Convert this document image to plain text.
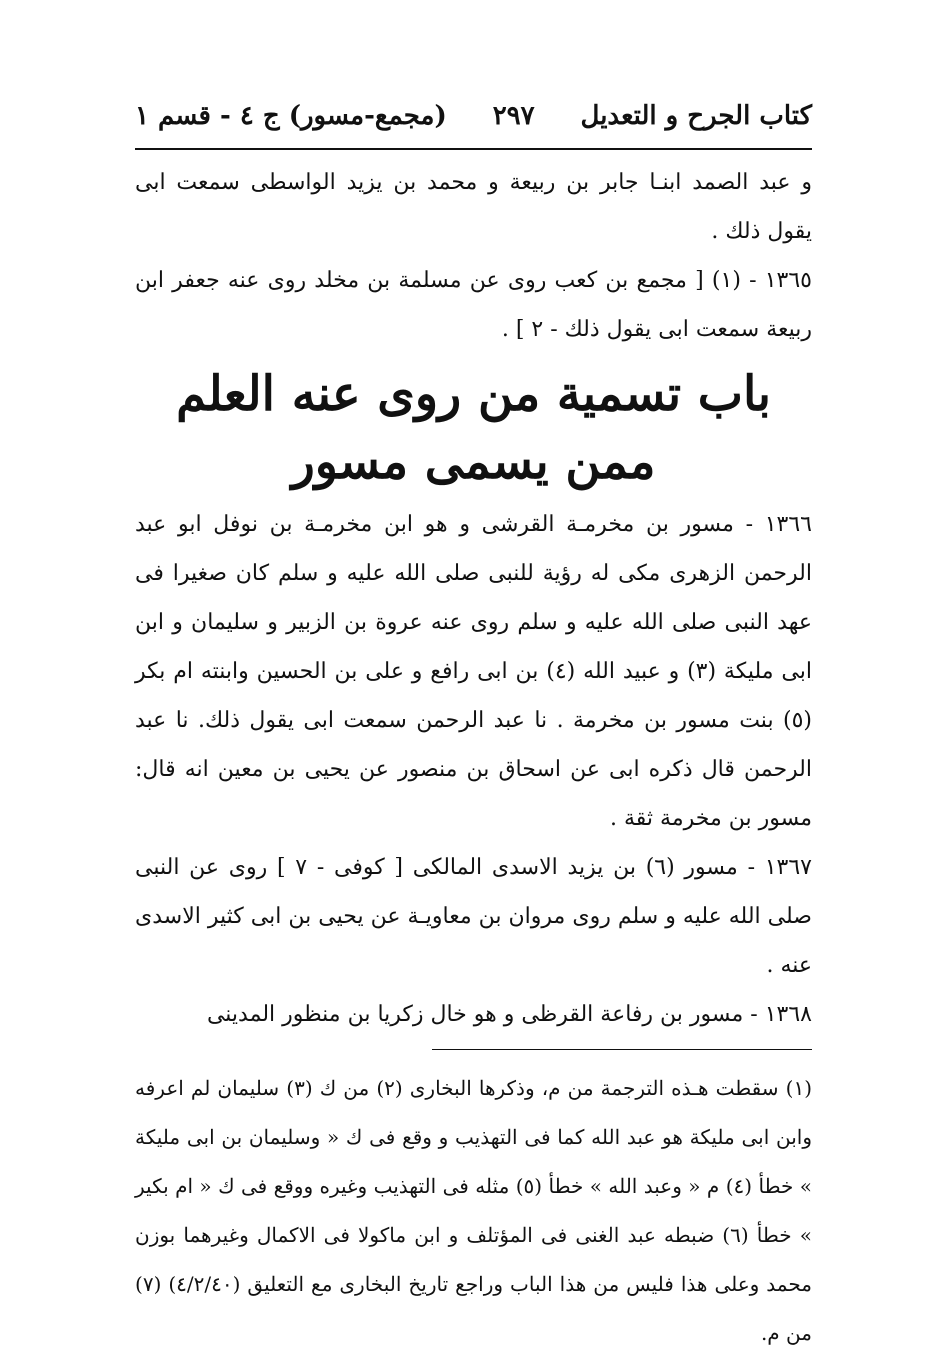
كتاب الجرح و التعديل
٢٩٧
(مجمع-مسور) ج ٤ - قسم ١

و عبد الصمد ابنـا جابر بن ربيعة و محمد بن يزيد الواسطى سمعت ابى يقول ذلك .

١٣٦٥ - (١) [ مجمع بن كعب روى عن مسلمة بن مخلد روى عنه جعفر ابن ربيعة سمعت ابى يقول ذلك - ٢ ] .

باب تسمية من روى عنه العلم
ممن يسمى مسور

١٣٦٦ - مسور بن مخرمـة القرشى و هو ابن مخرمـة بن نوفل ابو عبد الرحمن الزهرى مكى له رؤية للنبى صلى الله عليه و سلم كان صغيرا فى عهد النبى صلى الله عليه و سلم روى عنه عروة بن الزبير و سليمان و ابن ابى مليكة (٣) و عبيد الله (٤) بن ابى رافع و على بن الحسين وابنته ام بكر (٥) بنت مسور بن مخرمة . نا عبد الرحمن سمعت ابى يقول ذلك. نا عبد الرحمن قال ذكره ابى عن اسحاق بن منصور عن يحيى بن معين انه قال: مسور بن مخرمة ثقة .

١٣٦٧ - مسور (٦) بن يزيد الاسدى المالكى [ كوفى - ٧ ] روى عن النبى صلى الله عليه و سلم روى مروان بن معاويـة عن يحيى بن ابى كثير الاسدى عنه .

١٣٦٨ - مسور بن رفاعة القرظى و هو خال زكريا بن منظور المدينى

(١) سقطت هـذه الترجمة من م، وذكرها البخارى (٢) من ك (٣) سليمان لم اعرفه وابن ابى مليكة هو عبد الله كما فى التهذيب و وقع فى ك « وسليمان بن ابى مليكة » خطأ (٤) م « وعبد الله » خطأ (٥) مثله فى التهذيب وغيره ووقع فى ك « ام بكير » خطأ (٦) ضبطه عبد الغنى فى المؤتلف و ابن ماكولا فى الاكمال وغيرهما بوزن محمد وعلى هذا فليس من هذا الباب وراجع تاريخ البخارى مع التعليق (٤/٢/٤٠) (٧) من م.
